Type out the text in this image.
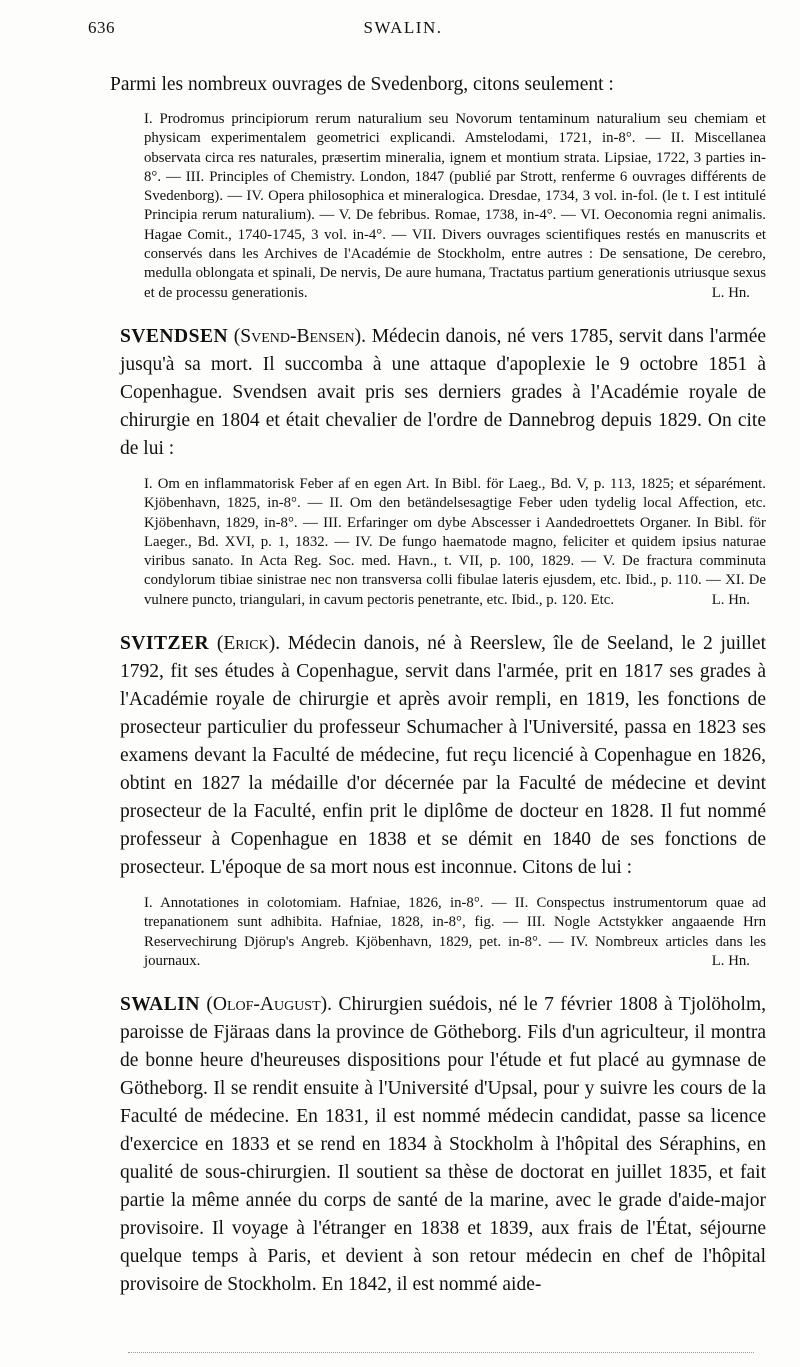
636	SWALIN.
Parmi les nombreux ouvrages de Svedenborg, citons seulement :

I. Prodromus principiorum rerum naturalium seu Novorum tentaminum naturalium seu chemiam et physicam experimentalem geometrici explicandi. Amstelodami, 1721, in-8°. — II. Miscellanea observata circa res naturales, præsertim mineralia, ignem et montium strata. Lipsiae, 1722, 3 parties in-8°. — III. Principles of Chemistry. London, 1847 (publié par Strott, renferme 6 ouvrages différents de Svedenborg). — IV. Opera philosophica et mineralogica. Dresdae, 1734, 3 vol. in-fol. (le t. I est intitulé Principia rerum naturalium). — V. De febribus. Romae, 1738, in-4°. — VI. Oeconomia regni animalis. Hagae Comit., 1740-1745, 3 vol. in-4°. — VII. Divers ouvrages scientifiques restés en manuscrits et conservés dans les Archives de l'Académie de Stockholm, entre autres : De sensatione, De cerebro, medulla oblongata et spinali, De nervis, De aure humana, Tractatus partium generationis utriusque sexus et de processu generationis.	L. Hn.

SVENDSEN (Svend-Bensen). Médecin danois, né vers 1785, servit dans l'armée jusqu'à sa mort. Il succomba à une attaque d'apoplexie le 9 octobre 1851 à Copenhague. Svendsen avait pris ses derniers grades à l'Académie royale de chirurgie en 1804 et était chevalier de l'ordre de Dannebrog depuis 1829. On cite de lui :

I. Om en inflammatorisk Feber af en egen Art. In Bibl. för Laeg., Bd. V, p. 113, 1825; et séparément. Kjöbenhavn, 1825, in-8°. — II. Om den betändelsesagtige Feber uden tydelig local Affection, etc. Kjöbenhavn, 1829, in-8°. — III. Erfaringer om dybe Abscesser i Aandedroettets Organer. In Bibl. för Laeger., Bd. XVI, p. 1, 1832. — IV. De fungo haematode magno, feliciter et quidem ipsius naturae viribus sanato. In Acta Reg. Soc. med. Havn., t. VII, p. 100, 1829. — V. De fractura comminuta condylorum tibiae sinistrae nec non transversa colli fibulae lateris ejusdem, etc. Ibid., p. 110. — XI. De vulnere puncto, triangulari, in cavum pectoris penetrante, etc. Ibid., p. 120. Etc.	L. Hn.

SVITZER (Erick). Médecin danois, né à Reerslew, île de Seeland, le 2 juillet 1792, fit ses études à Copenhague, servit dans l'armée, prit en 1817 ses grades à l'Académie royale de chirurgie et après avoir rempli, en 1819, les fonctions de prosecteur particulier du professeur Schumacher à l'Université, passa en 1823 ses examens devant la Faculté de médecine, fut reçu licencié à Copenhague en 1826, obtint en 1827 la médaille d'or décernée par la Faculté de médecine et devint prosecteur de la Faculté, enfin prit le diplôme de docteur en 1828. Il fut nommé professeur à Copenhague en 1838 et se démit en 1840 de ses fonctions de prosecteur. L'époque de sa mort nous est inconnue. Citons de lui :

I. Annotationes in colotomiam. Hafniae, 1826, in-8°. — II. Conspectus instrumentorum quae ad trepanationem sunt adhibita. Hafniae, 1828, in-8°, fig. — III. Nogle Actstykker angaaende Hrn Reservechirung Djörup's Angreb. Kjöbenhavn, 1829, pet. in-8°. — IV. Nombreux articles dans les journaux.	L. Hn.

SWALIN (Olof-August). Chirurgien suédois, né le 7 février 1808 à Tjolöholm, paroisse de Fjäraas dans la province de Götheborg. Fils d'un agriculteur, il montra de bonne heure d'heureuses dispositions pour l'étude et fut placé au gymnase de Götheborg. Il se rendit ensuite à l'Université d'Upsal, pour y suivre les cours de la Faculté de médecine. En 1831, il est nommé médecin candidat, passe sa licence d'exercice en 1833 et se rend en 1834 à Stockholm à l'hôpital des Séraphins, en qualité de sous-chirurgien. Il soutient sa thèse de doctorat en juillet 1835, et fait partie la même année du corps de santé de la marine, avec le grade d'aide-major provisoire. Il voyage à l'étranger en 1838 et 1839, aux frais de l'État, séjourne quelque temps à Paris, et devient à son retour médecin en chef de l'hôpital provisoire de Stockholm. En 1842, il est nommé aide-
